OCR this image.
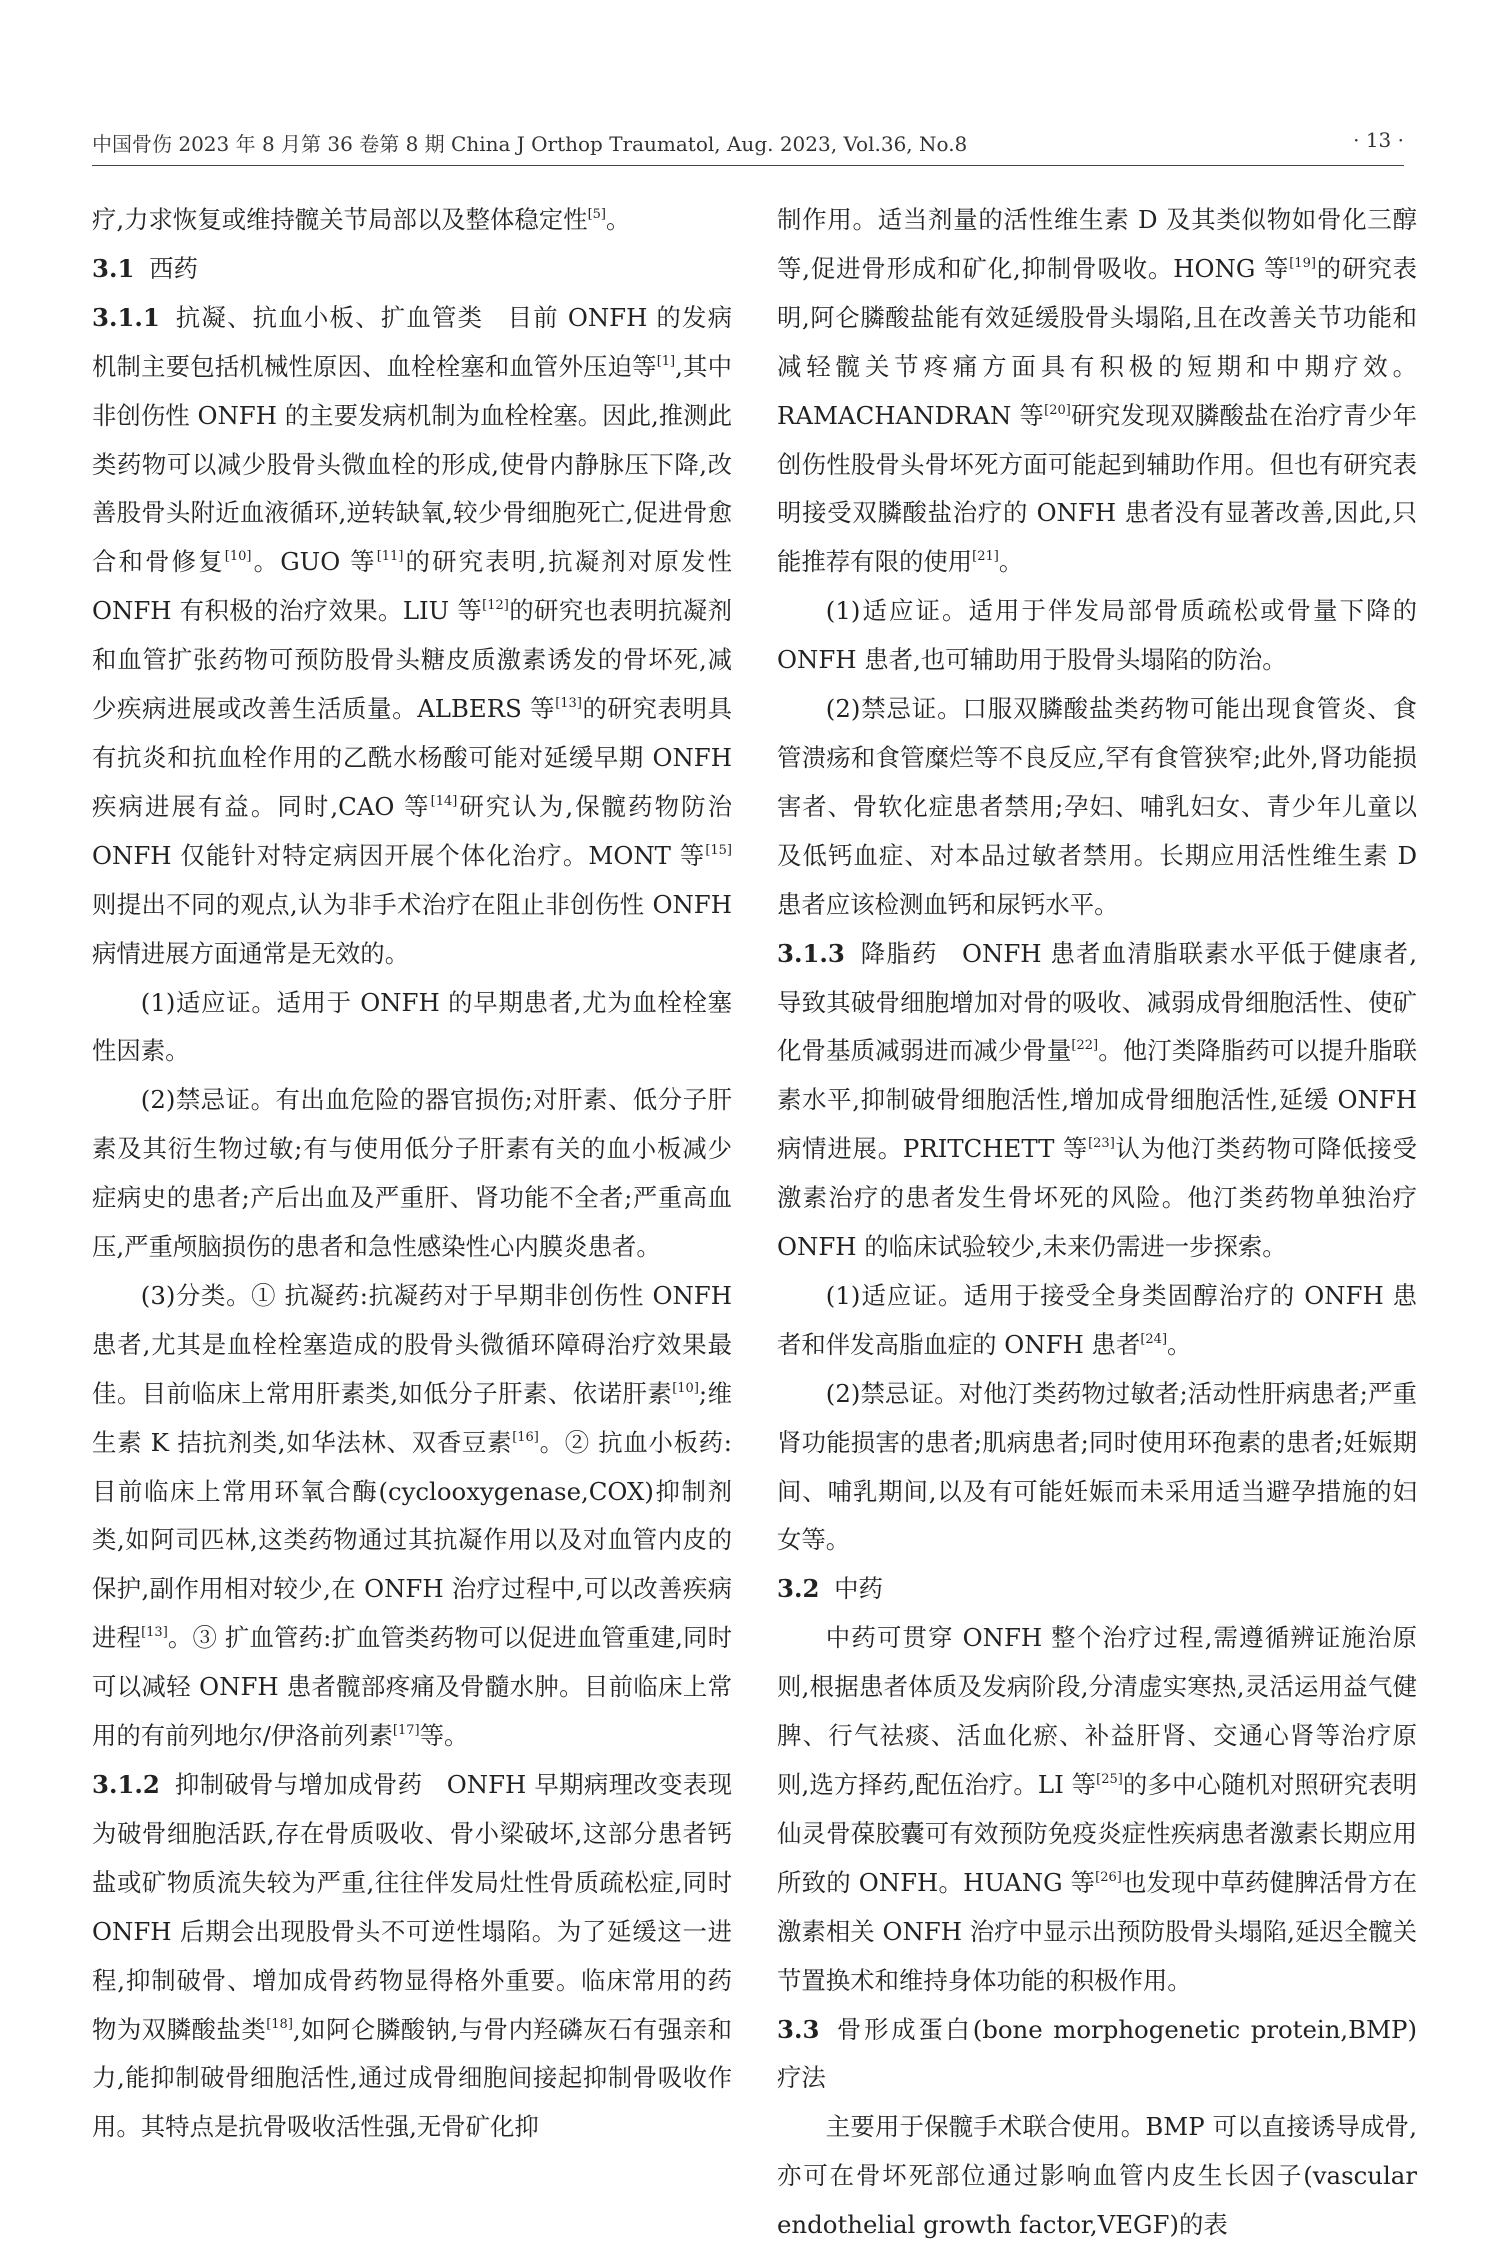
中国骨伤 2023 年 8 月第 36 卷第 8 期 China J Orthop Traumatol, Aug. 2023, Vol.36, No.8	· 13 ·

疗,力求恢复或维持髋关节局部以及整体稳定性[5]。

3.1 西药

3.1.1 抗凝、抗血小板、扩血管类 目前 ONFH 的发病机制主要包括机械性原因、血栓栓塞和血管外压迫等[1],其中非创伤性 ONFH 的主要发病机制为血栓栓塞。因此,推测此类药物可以减少股骨头微血栓的形成,使骨内静脉压下降,改善股骨头附近血液循环,逆转缺氧,较少骨细胞死亡,促进骨愈合和骨修复[10]。GUO 等[11]的研究表明,抗凝剂对原发性 ONFH 有积极的治疗效果。LIU 等[12]的研究也表明抗凝剂和血管扩张药物可预防股骨头糖皮质激素诱发的骨坏死,减少疾病进展或改善生活质量。ALBERS 等[13]的研究表明具有抗炎和抗血栓作用的乙酰水杨酸可能对延缓早期 ONFH 疾病进展有益。同时,CAO 等[14]研究认为,保髋药物防治 ONFH 仅能针对特定病因开展个体化治疗。MONT 等[15]则提出不同的观点,认为非手术治疗在阻止非创伤性 ONFH 病情进展方面通常是无效的。

(1)适应证。适用于 ONFH 的早期患者,尤为血栓栓塞性因素。

(2)禁忌证。有出血危险的器官损伤;对肝素、低分子肝素及其衍生物过敏;有与使用低分子肝素有关的血小板减少症病史的患者;产后出血及严重肝、肾功能不全者;严重高血压,严重颅脑损伤的患者和急性感染性心内膜炎患者。

(3)分类。① 抗凝药:抗凝药对于早期非创伤性 ONFH 患者,尤其是血栓栓塞造成的股骨头微循环障碍治疗效果最佳。目前临床上常用肝素类,如低分子肝素、依诺肝素[10];维生素 K 拮抗剂类,如华法林、双香豆素[16]。② 抗血小板药:目前临床上常用环氧合酶(cyclooxygenase,COX)抑制剂类,如阿司匹林,这类药物通过其抗凝作用以及对血管内皮的保护,副作用相对较少,在 ONFH 治疗过程中,可以改善疾病进程[13]。③ 扩血管药:扩血管类药物可以促进血管重建,同时可以减轻 ONFH 患者髋部疼痛及骨髓水肿。目前临床上常用的有前列地尔/伊洛前列素[17]等。

3.1.2 抑制破骨与增加成骨药 ONFH 早期病理改变表现为破骨细胞活跃,存在骨质吸收、骨小梁破坏,这部分患者钙盐或矿物质流失较为严重,往往伴发局灶性骨质疏松症,同时 ONFH 后期会出现股骨头不可逆性塌陷。为了延缓这一进程,抑制破骨、增加成骨药物显得格外重要。临床常用的药物为双膦酸盐类[18],如阿仑膦酸钠,与骨内羟磷灰石有强亲和力,能抑制破骨细胞活性,通过成骨细胞间接起抑制骨吸收作用。其特点是抗骨吸收活性强,无骨矿化抑

制作用。适当剂量的活性维生素 D 及其类似物如骨化三醇等,促进骨形成和矿化,抑制骨吸收。HONG 等[19]的研究表明,阿仑膦酸盐能有效延缓股骨头塌陷,且在改善关节功能和减轻髋关节疼痛方面具有积极的短期和中期疗效。RAMACHANDRAN 等[20]研究发现双膦酸盐在治疗青少年创伤性股骨头骨坏死方面可能起到辅助作用。但也有研究表明接受双膦酸盐治疗的 ONFH 患者没有显著改善,因此,只能推荐有限的使用[21]。

(1)适应证。适用于伴发局部骨质疏松或骨量下降的 ONFH 患者,也可辅助用于股骨头塌陷的防治。

(2)禁忌证。口服双膦酸盐类药物可能出现食管炎、食管溃疡和食管糜烂等不良反应,罕有食管狭窄;此外,肾功能损害者、骨软化症患者禁用;孕妇、哺乳妇女、青少年儿童以及低钙血症、对本品过敏者禁用。长期应用活性维生素 D 患者应该检测血钙和尿钙水平。

3.1.3 降脂药 ONFH 患者血清脂联素水平低于健康者,导致其破骨细胞增加对骨的吸收、减弱成骨细胞活性、使矿化骨基质减弱进而减少骨量[22]。他汀类降脂药可以提升脂联素水平,抑制破骨细胞活性,增加成骨细胞活性,延缓 ONFH 病情进展。PRITCHETT 等[23]认为他汀类药物可降低接受激素治疗的患者发生骨坏死的风险。他汀类药物单独治疗 ONFH 的临床试验较少,未来仍需进一步探索。

(1)适应证。适用于接受全身类固醇治疗的 ONFH 患者和伴发高脂血症的 ONFH 患者[24]。

(2)禁忌证。对他汀类药物过敏者;活动性肝病患者;严重肾功能损害的患者;肌病患者;同时使用环孢素的患者;妊娠期间、哺乳期间,以及有可能妊娠而未采用适当避孕措施的妇女等。

3.2 中药

中药可贯穿 ONFH 整个治疗过程,需遵循辨证施治原则,根据患者体质及发病阶段,分清虚实寒热,灵活运用益气健脾、行气祛痰、活血化瘀、补益肝肾、交通心肾等治疗原则,选方择药,配伍治疗。LI 等[25]的多中心随机对照研究表明仙灵骨葆胶囊可有效预防免疫炎症性疾病患者激素长期应用所致的 ONFH。HUANG 等[26]也发现中草药健脾活骨方在激素相关 ONFH 治疗中显示出预防股骨头塌陷,延迟全髋关节置换术和维持身体功能的积极作用。

3.3 骨形成蛋白(bone morphogenetic protein,BMP)疗法

主要用于保髋手术联合使用。BMP 可以直接诱导成骨,亦可在骨坏死部位通过影响血管内皮生长因子(vascular endothelial growth factor,VEGF)的表
